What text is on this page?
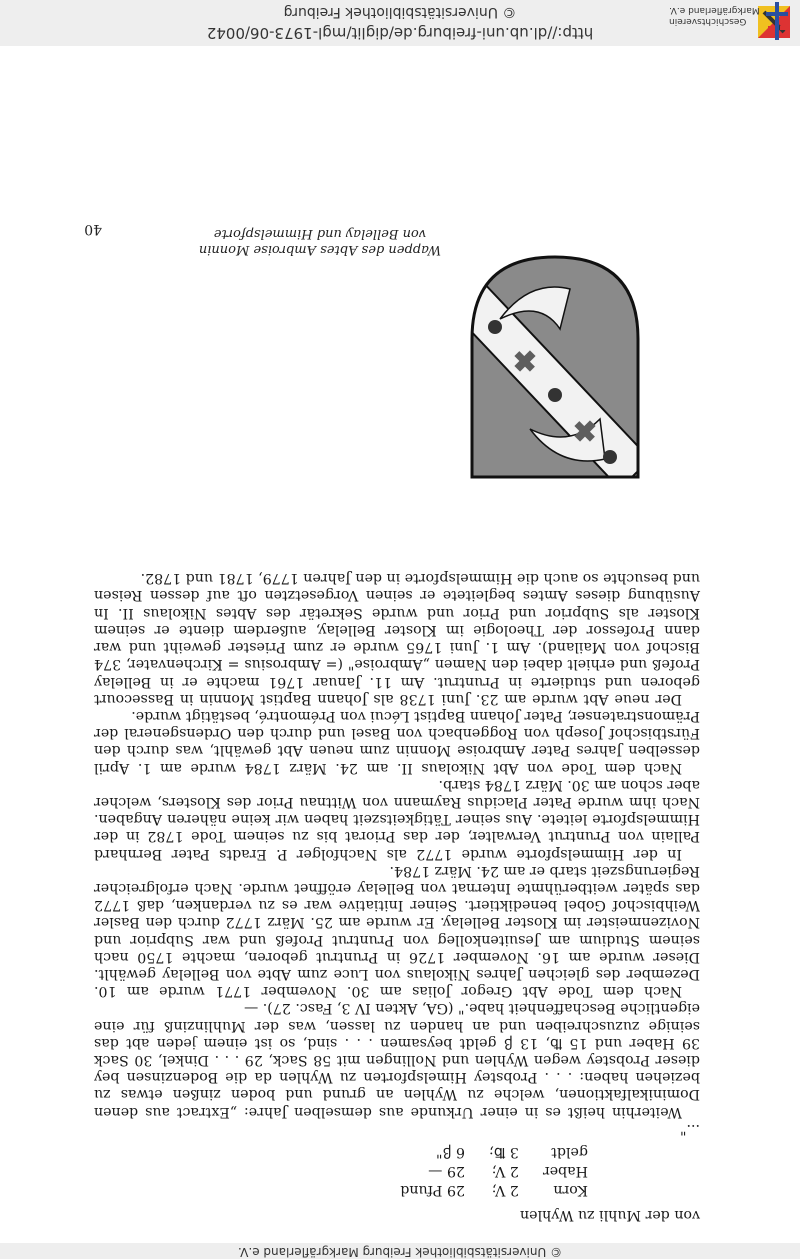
© Universitätsbibliothek Freiburg
http://dl.ub.uni-freiburg.de/diglit/mgl-1973-06/0042
Geschichtsverein
Markgräflerland e.V.

von der Muhli zu Wyhlen

Korn	2 V;	29 Pfund
Haber	2 V;	29 —
geldt	3 ℔;	6 ꞵ"

..."

Weiterhin heißt es in einer Urkunde aus demselben Jahre: „Extract aus denen Dominikalfaktionen, welche zu Wyhlen an grund und boden zinßen etwas zu beziehen haben: . . . Probstey Himelspforten zu Wyhlen da die Bodenzinsen bey dieser Probstey wegen Wyhlen und Nollingen mit 58 Sack, 29 . . . Dinkel, 30 Sack 39 Haber und 15 ℔, 13 ꞵ geldt beysamen . . . sind, so ist einem jeden abt das seinige zuzuschreiben und an handen zu lassen, was der Muhlinzinß für eine eigentliche Beschaffenheit habe." (GA, Akten IV 3, Fasc. 27). —

Nach dem Tode Abt Gregor Jolias am 30. November 1771 wurde am 10. Dezember des gleichen Jahres Nikolaus von Luce zum Abte von Bellelay gewählt. Dieser wurde am 16. November 1726 in Pruntrut geboren, machte 1750 nach seinem Studium am Jesuitenkolleg von Pruntrut Profeß und war Subprior und Novizenmeister im Kloster Bellelay. Er wurde am 25. März 1772 durch den Basler Weihbischof Gobel benediktiert. Seiner Initiative war es zu verdanken, daß 1772 das später weitberühmte Internat von Bellelay eröffnet wurde. Nach erfolgreicher Regierungszeit starb er am 24. März 1784.

In der Himmelspforte wurde 1772 als Nachfolger P. Eradts Pater Bernhard Pallain von Pruntrut Verwalter, der das Priorat bis zu seinem Tode 1782 in der Himmelspforte leitete. Aus seiner Tätigkeitszeit haben wir keine näheren Angaben. Nach ihm wurde Pater Placidus Raymann von Wittnau Prior des Klosters, welcher aber schon am 30. März 1784 starb.

Nach dem Tode von Abt Nikolaus II. am 24. März 1784 wurde am 1. April desselben Jahres Pater Ambroise Monnin zum neuen Abt gewählt, was durch den Fürstbischof Joseph von Roggenbach von Basel und durch den Ordensgeneral der Prämonstratenser, Pater Johann Baptist Lécui von Prémontré, bestätigt wurde.

Der neue Abt wurde am 23. Juni 1738 als Johann Baptist Monnin in Bassecourt geboren und studierte in Pruntrut. Am 11. Januar 1761 machte er in Bellelay Profeß und erhielt dabei den Namen „Ambroise" (= Ambrosius = Kirchenvater, 374 Bischof von Mailand). Am 1. Juni 1765 wurde er zum Priester geweiht und war dann Professor der Theologie im Kloster Bellelay, außerdem diente er seinem Kloster als Subprior und Prior und wurde Sekretär des Abtes Nikolaus II. In Ausübung dieses Amtes begleitete er seinen Vorgesetzten oft auf dessen Reisen und besuchte so auch die Himmelspforte in den Jahren 1779, 1781 und 1782.

Wappen des Abtes Ambroise Monnin
von Bellelay und Himmelspforte
40
© Universitätsbibliothek Freiburg Markgräflerland e.V.
